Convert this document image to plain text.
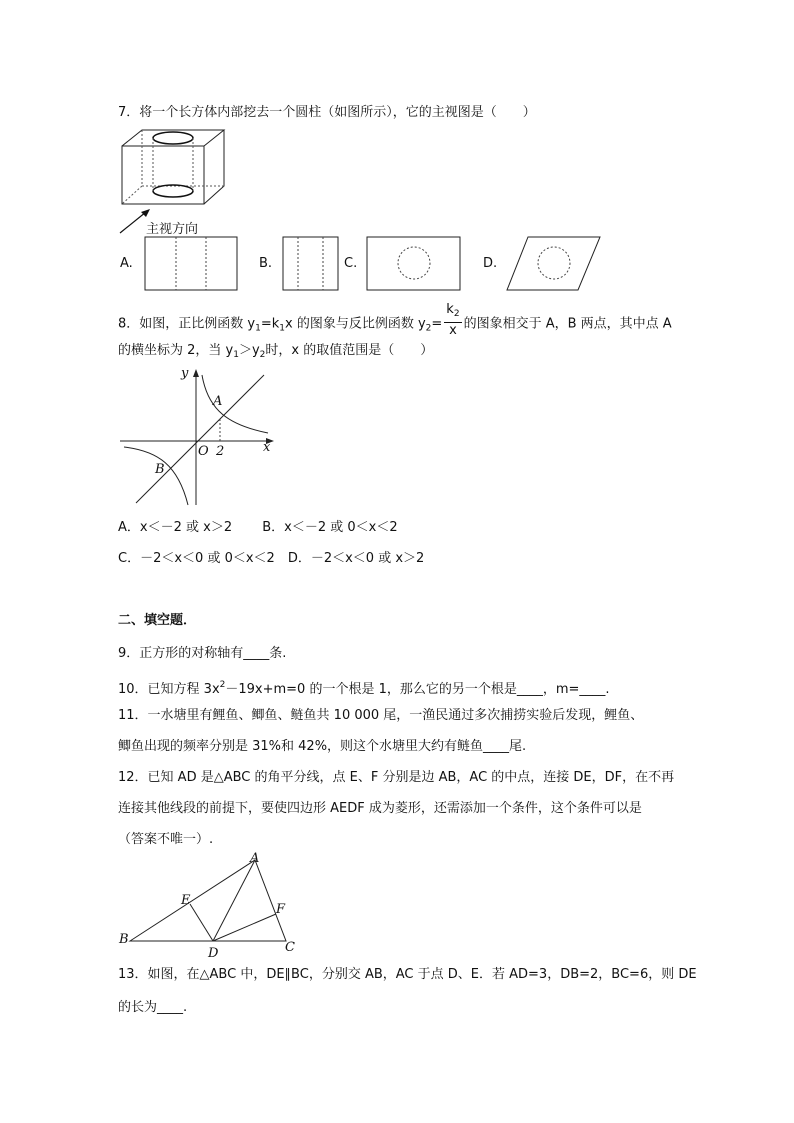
7．将一个长方体内部挖去一个圆柱（如图所示），它的主视图是（　　）
主视方向
A.	B.	C.	D.
8．如图，正比例函数 $y_1=k_1x$ 的图象与反比例函数 $y_2= \frac{k_2}{x}$ 的图象相交于 A，B 两点，其中点 A
的横坐标为 2，当 $y_1>y_2$时，x 的取值范围是（　　）
y
x
O 2
A
B
A．x＜－2 或 x＞2　　 B．x＜－2 或 0＜x＜2
C．－2＜x＜0 或 0＜x＜2　D．－2＜x＜0 或 x＞2
二、填空题．
9．正方形的对称轴有____条.
10．已知方程 $3x^2-19x+m=0$ 的一个根是 1，那么它的另一个根是____，m=____.
11．一水塘里有鲤鱼、鲫鱼、鲢鱼共 10 000 尾，一渔民通过多次捕捞实验后发现，鲤鱼、
鲫鱼出现的频率分别是 31%和 42%，则这个水塘里大约有鲢鱼____尾.
12．已知 AD 是△ABC 的角平分线，点 E、F 分别是边 AB，AC 的中点，连接 DE，DF，在不再
连接其他线段的前提下，要使四边形 AEDF 成为菱形，还需添加一个条件，这个条件可以是
（答案不唯一）.
A
B
C
D
E
F
13．如图，在△ABC 中，DE∥BC，分别交 AB，AC 于点 D、E．若 AD=3，DB=2，BC=6，则 DE
的长为____.
